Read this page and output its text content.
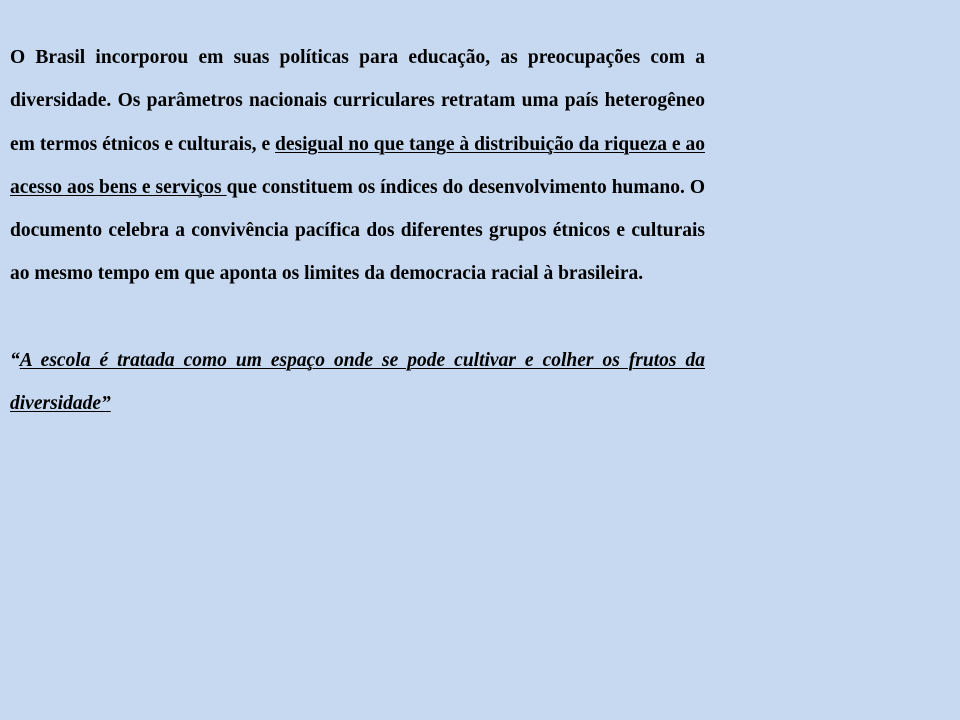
O Brasil incorporou em suas políticas para educação, as preocupações com a diversidade. Os parâmetros nacionais curriculares retratam uma país heterogêneo em termos étnicos e culturais, e desigual no que tange à distribuição da riqueza e ao acesso aos bens e serviços que constituem os índices do desenvolvimento humano. O documento celebra a convivência pacífica dos diferentes grupos étnicos e culturais ao mesmo tempo em que aponta os limites da democracia racial à brasileira.

“A escola é tratada como um espaço onde se pode cultivar e colher os frutos da diversidade”
